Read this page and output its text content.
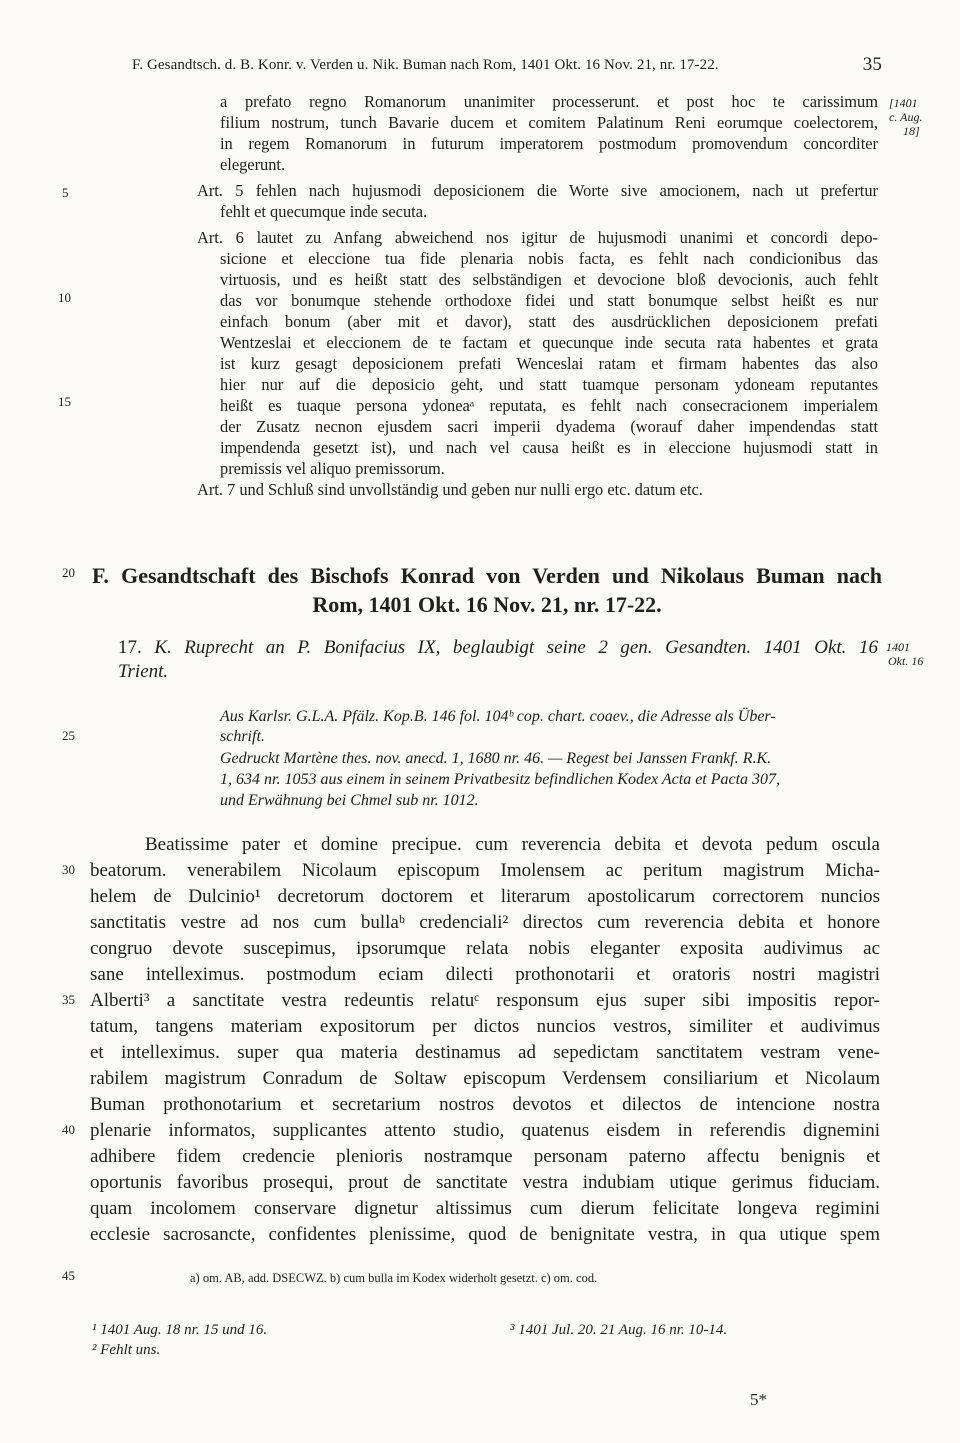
F. Gesandtsch. d. B. Konr. v. Verden u. Nik. Buman nach Rom, 1401 Okt. 16 Nov. 21, nr. 17-22.	35
5
10
15
20
25
30
35
40
45
a prefato regno Romanorum unanimiter processerunt. et post hoc te carissimum
filium nostrum, tunch Bavarie ducem et comitem Palatinum Reni eorumque coelectorem,
in regem Romanorum in futurum imperatorem postmodum promovendum concorditer
elegerunt.
[1401
c. Aug.
18]
Art. 5 fehlen nach hujusmodi deposicionem die Worte sive amocionem, nach ut prefertur
fehlt et quecumque inde secuta.
Art. 6 lautet zu Anfang abweichend nos igitur de hujusmodi unanimi et concordi depo-
sicione et eleccione tua fide plenaria nobis facta, es fehlt nach condicionibus das
virtuosis, und es heißt statt des selbständigen et devocione bloß devocionis, auch fehlt
das vor bonumque stehende orthodoxe fidei und statt bonumque selbst heißt es nur
einfach bonum (aber mit et davor), statt des ausdrücklichen deposicionem prefati
Wentzeslai et eleccionem de te factam et quecunque inde secuta rata habentes et grata
ist kurz gesagt deposicionem prefati Wenceslai ratam et firmam habentes das also
hier nur auf die deposicio geht, und statt tuamque personam ydoneam reputantes
heißt es tuaque persona ydoneaᵃ reputata, es fehlt nach consecracionem imperialem
der Zusatz necnon ejusdem sacri imperii dyadema (worauf daher impendendas statt
impendenda gesetzt ist), und nach vel causa heißt es in eleccione hujusmodi statt in
premissis vel aliquo premissorum.
Art. 7 und Schluß sind unvollständig und geben nur nulli ergo etc. datum etc.
F. Gesandtschaft des Bischofs Konrad von Verden und Nikolaus Buman nach
Rom, 1401 Okt. 16 Nov. 21, nr. 17-22.
17. K. Ruprecht an P. Bonifacius IX, beglaubigt seine 2 gen. Gesandten. 1401 Okt. 16
Trient.
1401
Okt. 16
Aus Karlsr. G.L.A. Pfälz. Kop.B. 146 fol. 104ᵇ cop. chart. coaev., die Adresse als Über-
schrift.
Gedruckt Martène thes. nov. anecd. 1, 1680 nr. 46. — Regest bei Janssen Frankf. R.K.
1, 634 nr. 1053 aus einem in seinem Privatbesitz befindlichen Kodex Acta et Pacta 307,
und Erwähnung bei Chmel sub nr. 1012.
Beatissime pater et domine precipue. cum reverencia debita et devota pedum oscula
beatorum. venerabilem Nicolaum episcopum Imolensem ac peritum magistrum Micha-
helem de Dulcinio¹ decretorum doctorem et literarum apostolicarum correctorem nuncios
sanctitatis vestre ad nos cum bullaᵇ credenciali² directos cum reverencia debita et honore
congruo devote suscepimus, ipsorumque relata nobis eleganter exposita audivimus ac
sane intelleximus. postmodum eciam dilecti prothonotarii et oratoris nostri magistri
Alberti³ a sanctitate vestra redeuntis relatuᶜ responsum ejus super sibi impositis repor-
tatum, tangens materiam expositorum per dictos nuncios vestros, similiter et audivimus
et intelleximus. super qua materia destinamus ad sepedictam sanctitatem vestram vene-
rabilem magistrum Conradum de Soltaw episcopum Verdensem consiliarium et Nicolaum
Buman prothonotarium et secretarium nostros devotos et dilectos de intencione nostra
plenarie informatos, supplicantes attento studio, quatenus eisdem in referendis dignemini
adhibere fidem credencie plenioris nostramque personam paterno affectu benignis et
oportunis favoribus prosequi, prout de sanctitate vestra indubiam utique gerimus fiduciam.
quam incolomem conservare dignetur altissimus cum dierum felicitate longeva regimini
ecclesie sacrosancte, confidentes plenissime, quod de benignitate vestra, in qua utique spem
a) om. AB, add. DSECWZ. b) cum bulla im Kodex widerholt gesetzt. c) om. cod.
¹ 1401 Aug. 18 nr. 15 und 16.
² Fehlt uns.
³ 1401 Jul. 20. 21 Aug. 16 nr. 10-14.
5*
